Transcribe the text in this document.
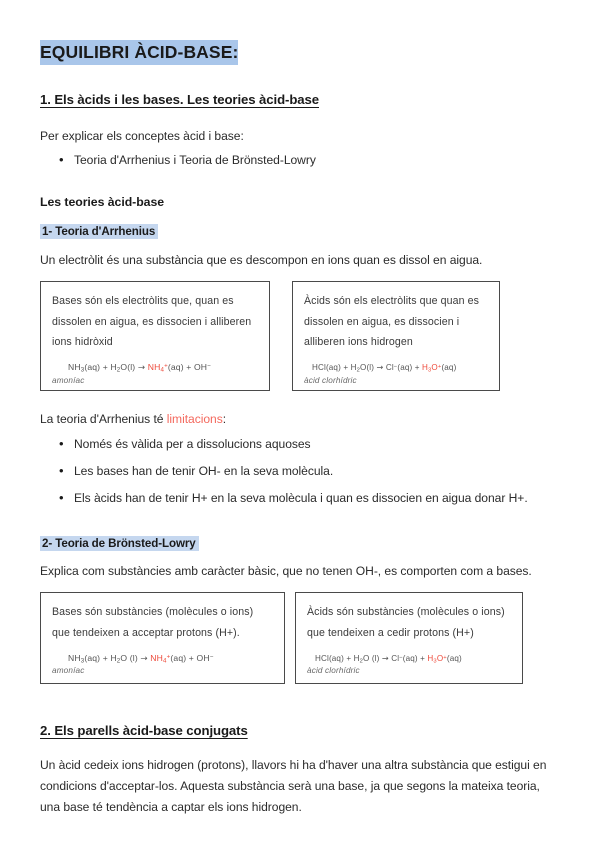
EQUILIBRI ÀCID-BASE:
1. Els àcids i les bases. Les teories àcid-base

Per explicar els conceptes àcid i base:

• Teoria d'Arrhenius i Teoria de Brönsted-Lowry
Les teories àcid-base
1- Teoria d'Arrhenius

Un electròlit és una substància que es descompon en ions quan es dissol en aigua.

Bases són els electròlits que, quan es dissolen en aigua, es dissocien i alliberen ions hidròxid

$NH_3(aq) + H_2O(l) \to NH_4^+(aq) + OH^-$

amoníac

Àcids són els electròlits que quan es dissolen en aigua, es dissocien i alliberen ions hidrogen

$HCl(aq) + H_2O(l) \to Cl^-(aq) + H_3O^+(aq)$

àcid clorhídric

La teoria d'Arrhenius té limitacions:

• Només és vàlida per a dissolucions aquoses
• Les bases han de tenir OH- en la seva molècula.
• Els àcids han de tenir H+ en la seva molècula i quan es dissocien en aigua donar H+.
2- Teoria de Brönsted-Lowry

Explica com substàncies amb caràcter bàsic, que no tenen OH-, es comporten com a bases.

Bases són substàncies (molècules o ions) que tendeixen a acceptar protons (H+).

$NH_3(aq) + H_2O$ $(l) \to NH_4^+(aq) + OH^-$

amoníac

Àcids són substàncies (molècules o ions) que tendeixen a cedir protons (H+)

$HCl(aq) + H_2O$ $(l) \to Cl^-(aq) + H_3O^+(aq)$

àcid clorhídric

2. Els parells àcid-base conjugats

Un àcid cedeix ions hidrogen (protons), llavors hi ha d'haver una altra substància que estigui en condicions d'acceptar-los. Aquesta substància serà una base, ja que segons la mateixa teoria, una base té tendència a captar els ions hidrogen.
